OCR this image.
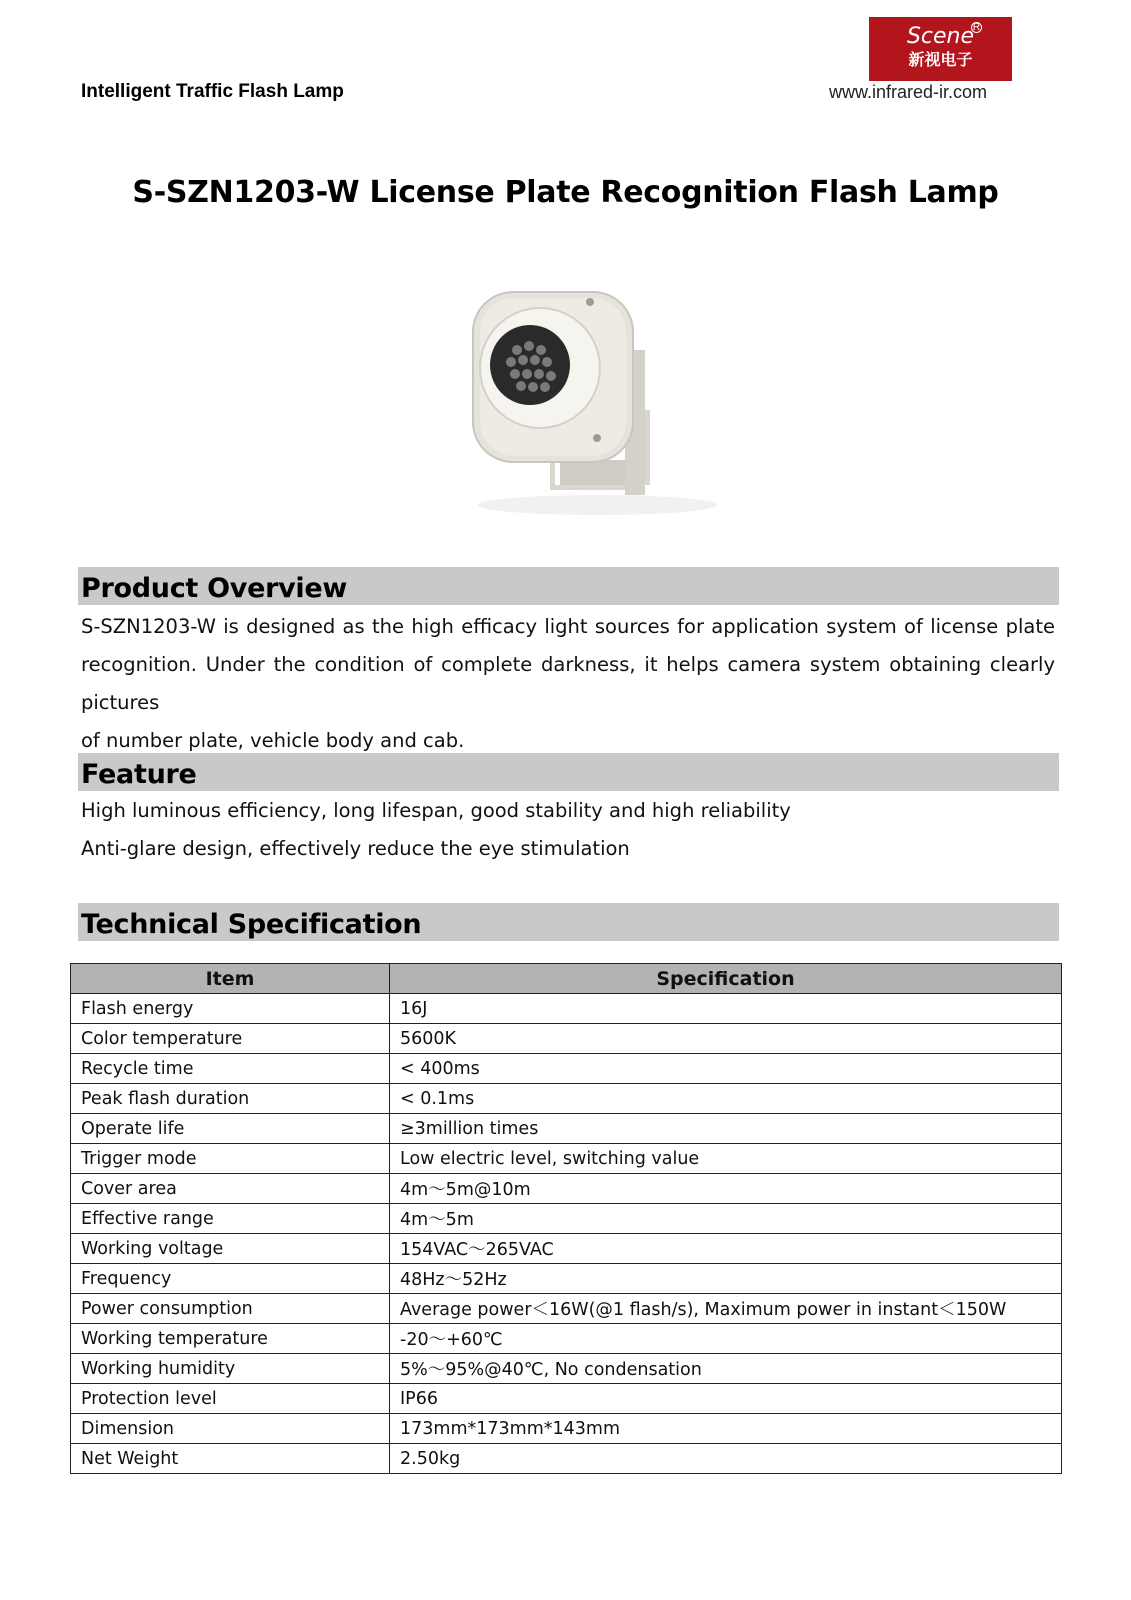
Intelligent Traffic Flash Lamp
Scene
R
新视电子
www.infrared-ir.com
S-SZN1203-W License Plate Recognition Flash Lamp
Product Overview
S-SZN1203-W is designed as the high efficacy light sources for application system of license plate
recognition. Under the condition of complete darkness, it helps camera system obtaining clearly pictures
of number plate, vehicle body and cab.
Feature
High luminous efficiency, long lifespan, good stability and high reliability
Anti-glare design, effectively reduce the eye stimulation
Technical Specification
Item	Specification
Flash energy	16J
Color temperature	5600K
Recycle time	< 400ms
Peak flash duration	< 0.1ms
Operate life	≥3million times
Trigger mode	Low electric level, switching value
Cover area	4m～5m@10m
Effective range	4m～5m
Working voltage	154VAC～265VAC
Frequency	48Hz～52Hz
Power consumption	Average power＜16W(@1 flash/s), Maximum power in instant＜150W
Working temperature	-20～+60℃
Working humidity	5%～95%@40℃, No condensation
Protection level	IP66
Dimension	173mm*173mm*143mm
Net Weight	2.50kg
